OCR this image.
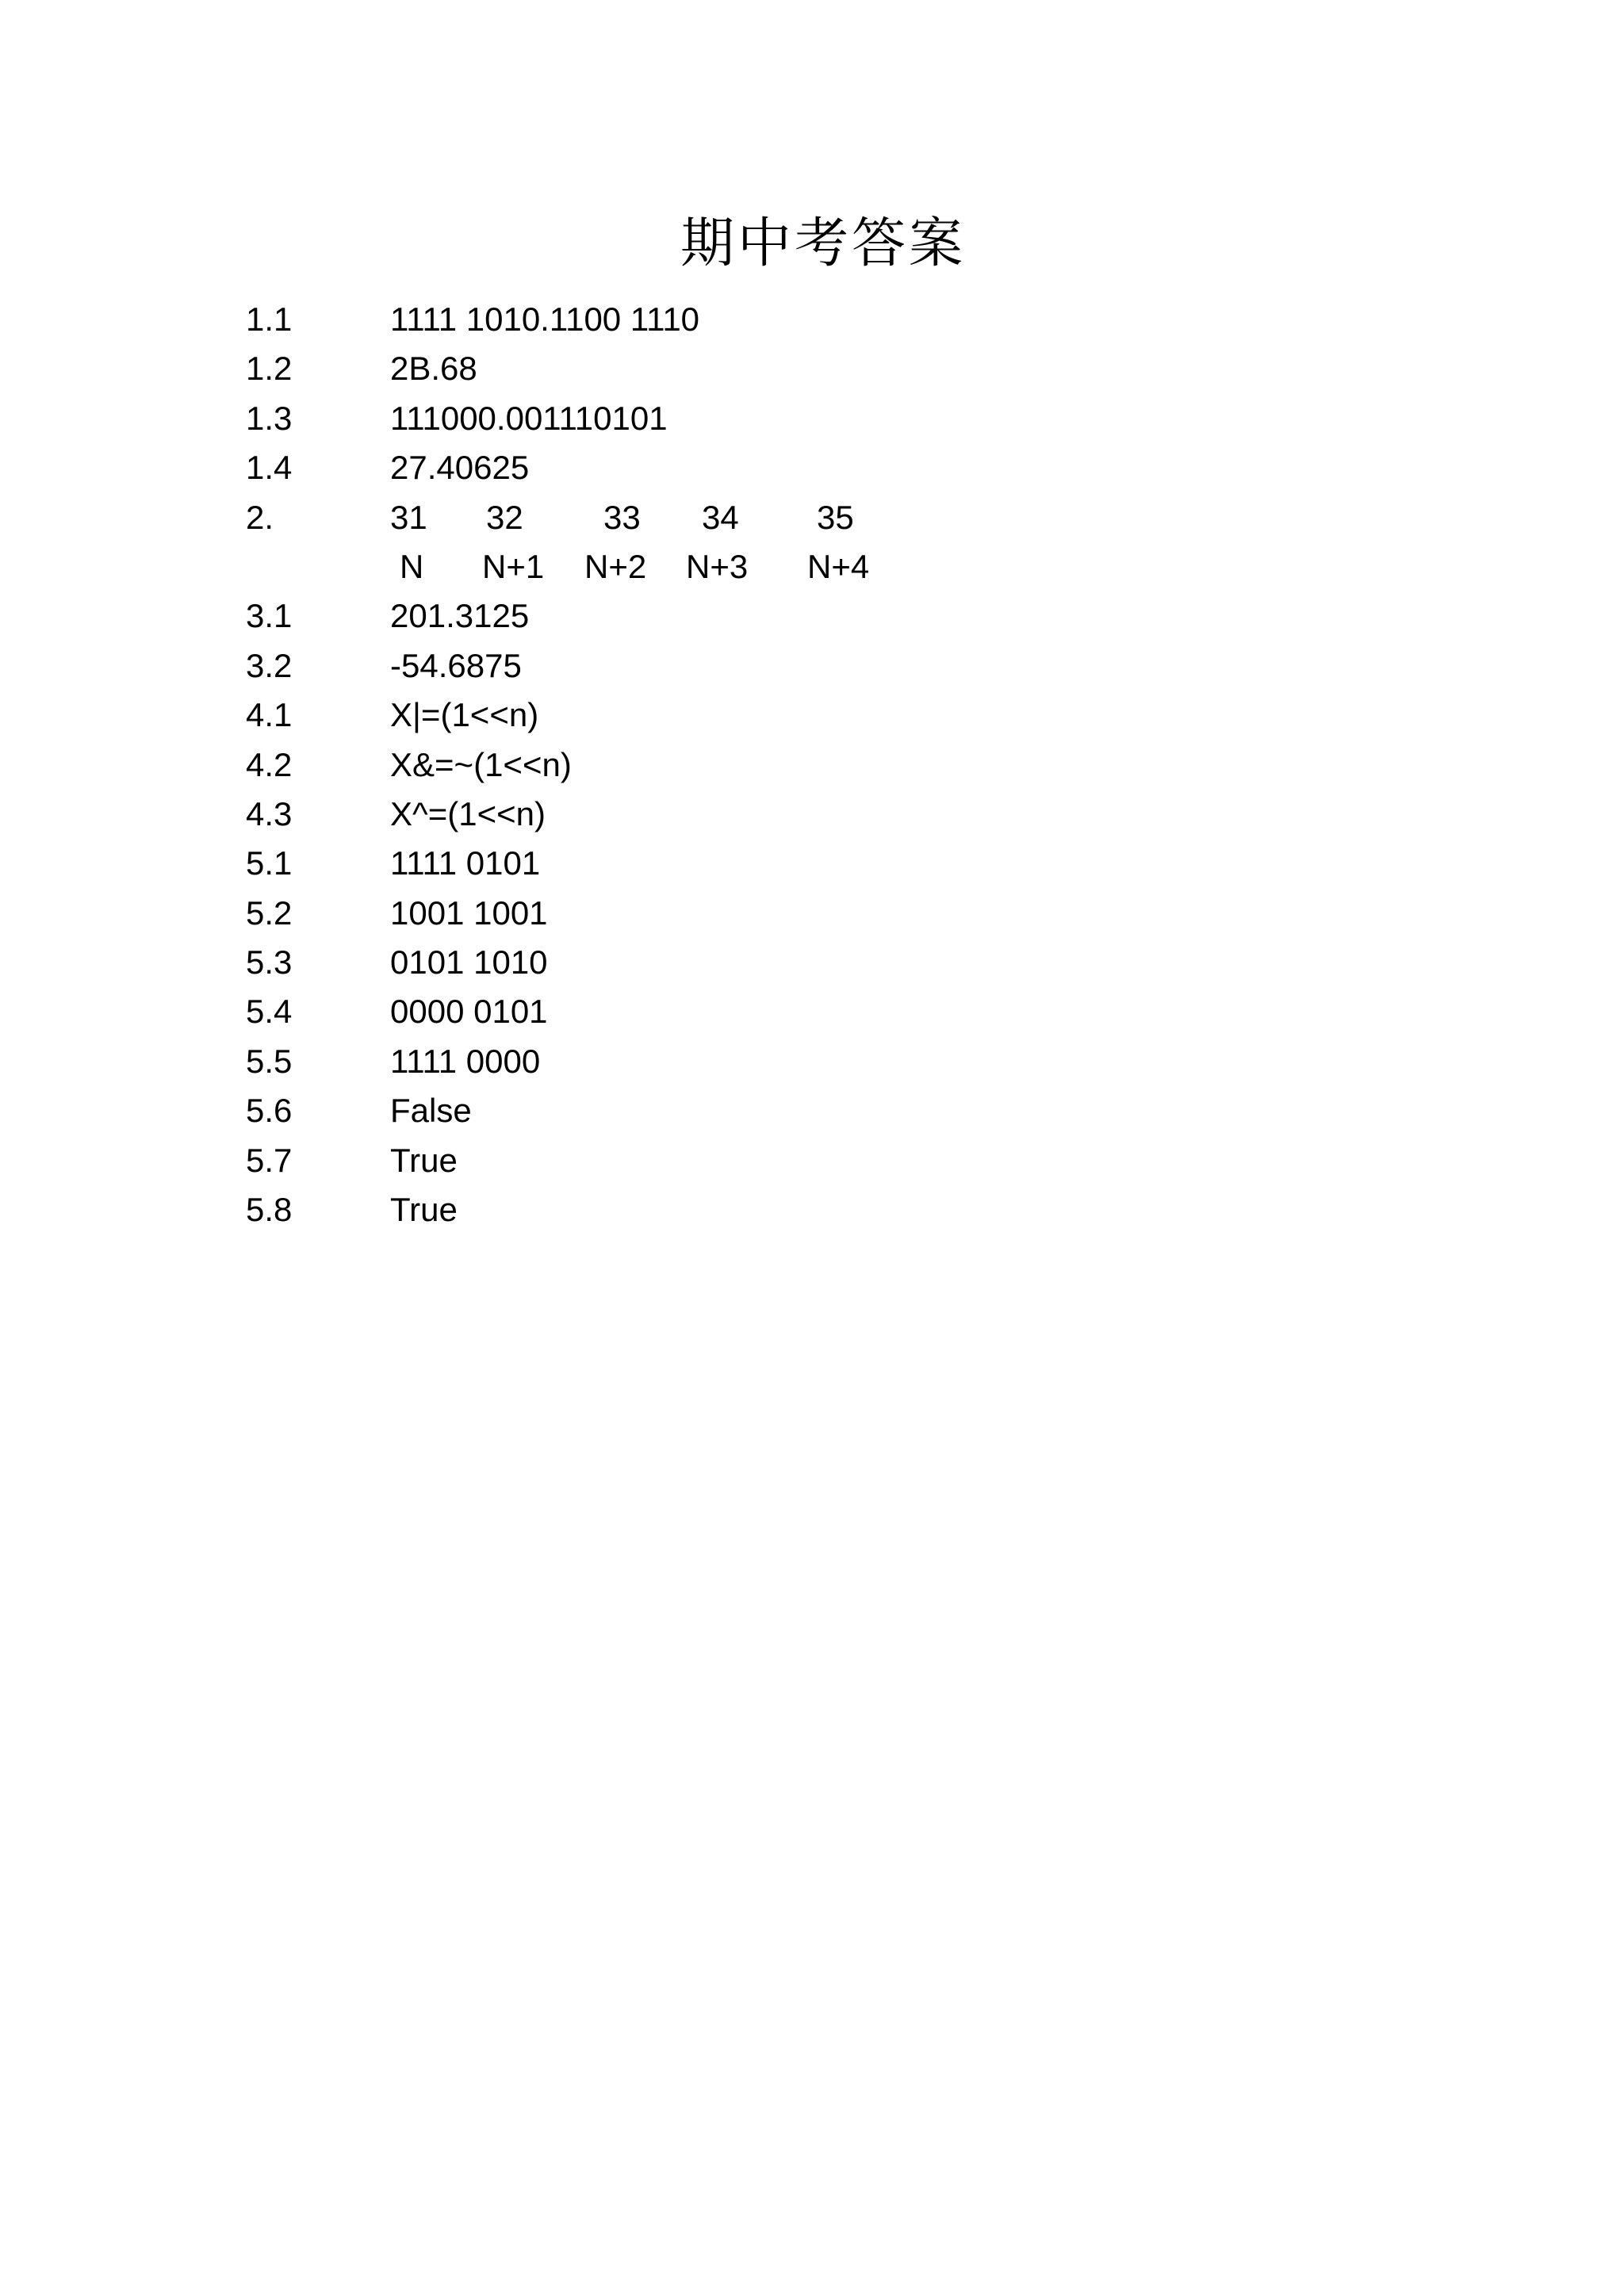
期中考答案
1.1	1111 1010.1100 1110
1.2	2B.68
1.3	111000.001110101
1.4	27.40625
2.	31 32 33 34 35
N N+1 N+2 N+3 N+4
3.1	201.3125
3.2	-54.6875
4.1	X|=(1<<n)
4.2	X&=~(1<<n)
4.3	X^=(1<<n)
5.1	1111 0101
5.2	1001 1001
5.3	0101 1010
5.4	0000 0101
5.5	1111 0000
5.6	False
5.7	True
5.8	True
